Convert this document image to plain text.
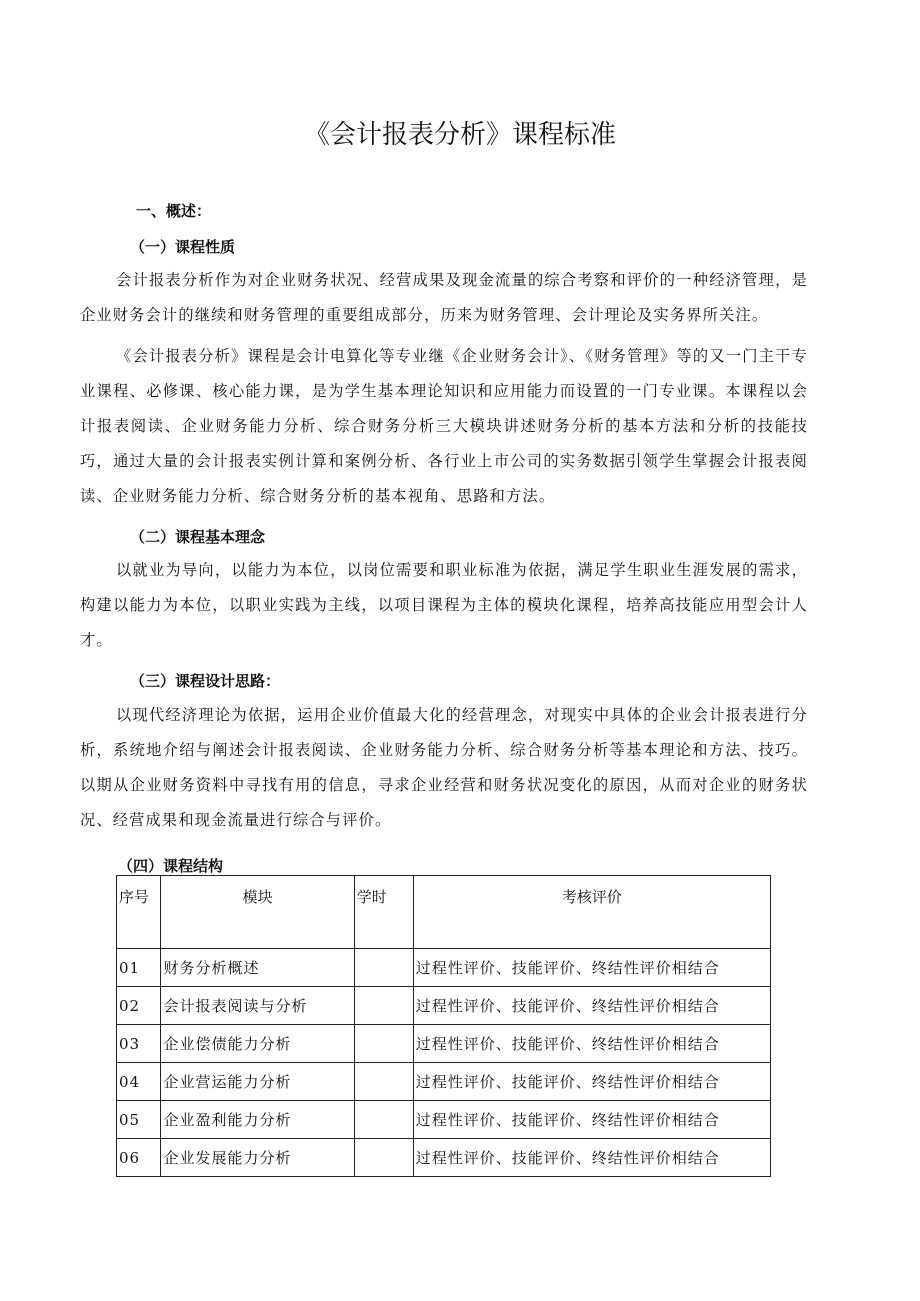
《会计报表分析》课程标准
一、概述：
（一）课程性质
会计报表分析作为对企业财务状况、经营成果及现金流量的综合考察和评价的一种经济管理，是企业财务会计的继续和财务管理的重要组成部分，历来为财务管理、会计理论及实务界所关注。
《会计报表分析》课程是会计电算化等专业继《企业财务会计》、《财务管理》等的又一门主干专业课程、必修课、核心能力课，是为学生基本理论知识和应用能力而设置的一门专业课。本课程以会计报表阅读、企业财务能力分析、综合财务分析三大模块讲述财务分析的基本方法和分析的技能技巧，通过大量的会计报表实例计算和案例分析、各行业上市公司的实务数据引领学生掌握会计报表阅读、企业财务能力分析、综合财务分析的基本视角、思路和方法。
（二）课程基本理念
以就业为导向，以能力为本位，以岗位需要和职业标准为依据，满足学生职业生涯发展的需求，构建以能力为本位，以职业实践为主线，以项目课程为主体的模块化课程，培养高技能应用型会计人才。
（三）课程设计思路：
以现代经济理论为依据，运用企业价值最大化的经营理念，对现实中具体的企业会计报表进行分析，系统地介绍与阐述会计报表阅读、企业财务能力分析、综合财务分析等基本理论和方法、技巧。以期从企业财务资料中寻找有用的信息，寻求企业经营和财务状况变化的原因，从而对企业的财务状况、经营成果和现金流量进行综合与评价。
（四）课程结构
序号	模块	学时	考核评价
01	财务分析概述		过程性评价、技能评价、终结性评价相结合
02	会计报表阅读与分析		过程性评价、技能评价、终结性评价相结合
03	企业偿债能力分析		过程性评价、技能评价、终结性评价相结合
04	企业营运能力分析		过程性评价、技能评价、终结性评价相结合
05	企业盈利能力分析		过程性评价、技能评价、终结性评价相结合
06	企业发展能力分析		过程性评价、技能评价、终结性评价相结合
